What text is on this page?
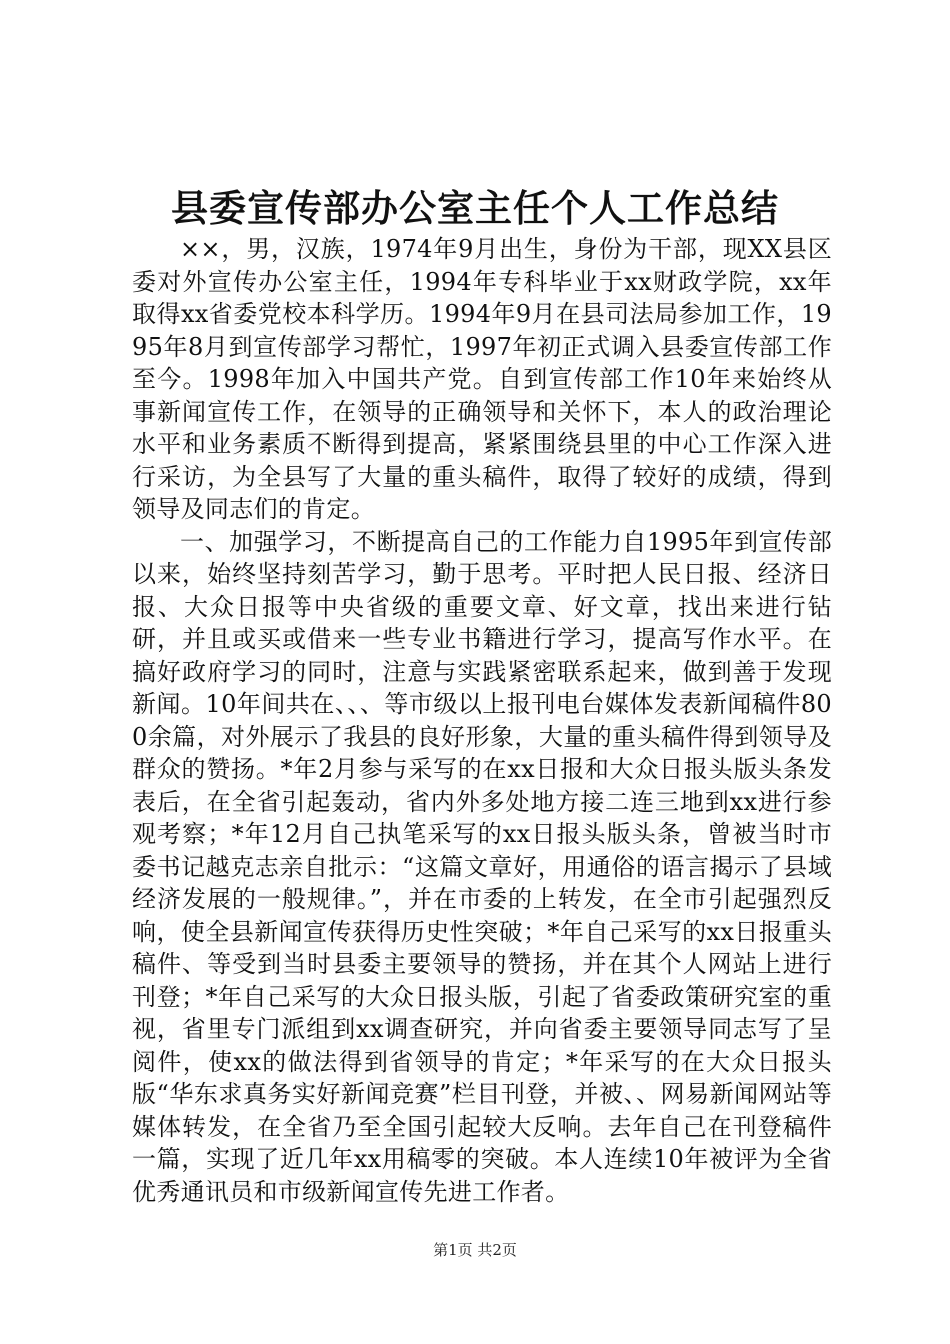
县委宣传部办公室主任个人工作总结

××，男，汉族，1974年9月出生，身份为干部，现XX县区委对外宣传办公室主任，1994年专科毕业于xx财政学院，xx年取得xx省委党校本科学历。1994年9月在县司法局参加工作，1995年8月到宣传部学习帮忙，1997年初正式调入县委宣传部工作至今。1998年加入中国共产党。自到宣传部工作10年来始终从事新闻宣传工作，在领导的正确领导和关怀下，本人的政治理论水平和业务素质不断得到提高，紧紧围绕县里的中心工作深入进行采访，为全县写了大量的重头稿件，取得了较好的成绩，得到领导及同志们的肯定。

一、加强学习，不断提高自己的工作能力自1995年到宣传部以来，始终坚持刻苦学习，勤于思考。平时把人民日报、经济日报、大众日报等中央省级的重要文章、好文章，找出来进行钻研，并且或买或借来一些专业书籍进行学习，提高写作水平。在搞好政府学习的同时，注意与实践紧密联系起来，做到善于发现新闻。10年间共在、、、等市级以上报刊电台媒体发表新闻稿件800余篇，对外展示了我县的良好形象，大量的重头稿件得到领导及群众的赞扬。*年2月参与采写的在xx日报和大众日报头版头条发表后，在全省引起轰动，省内外多处地方接二连三地到xx进行参观考察；*年12月自己执笔采写的xx日报头版头条，曾被当时市委书记越克志亲自批示：“这篇文章好，用通俗的语言揭示了县域经济发展的一般规律。”，并在市委的上转发，在全市引起强烈反响，使全县新闻宣传获得历史性突破；*年自己采写的xx日报重头稿件、等受到当时县委主要领导的赞扬，并在其个人网站上进行刊登；*年自己采写的大众日报头版，引起了省委政策研究室的重视，省里专门派组到xx调查研究，并向省委主要领导同志写了呈阅件，使xx的做法得到省领导的肯定；*年采写的在大众日报头版“华东求真务实好新闻竞赛”栏目刊登，并被、、网易新闻网站等媒体转发，在全省乃至全国引起较大反响。去年自己在刊登稿件一篇，实现了近几年xx用稿零的突破。本人连续10年被评为全省优秀通讯员和市级新闻宣传先进工作者。

第1页 共2页
